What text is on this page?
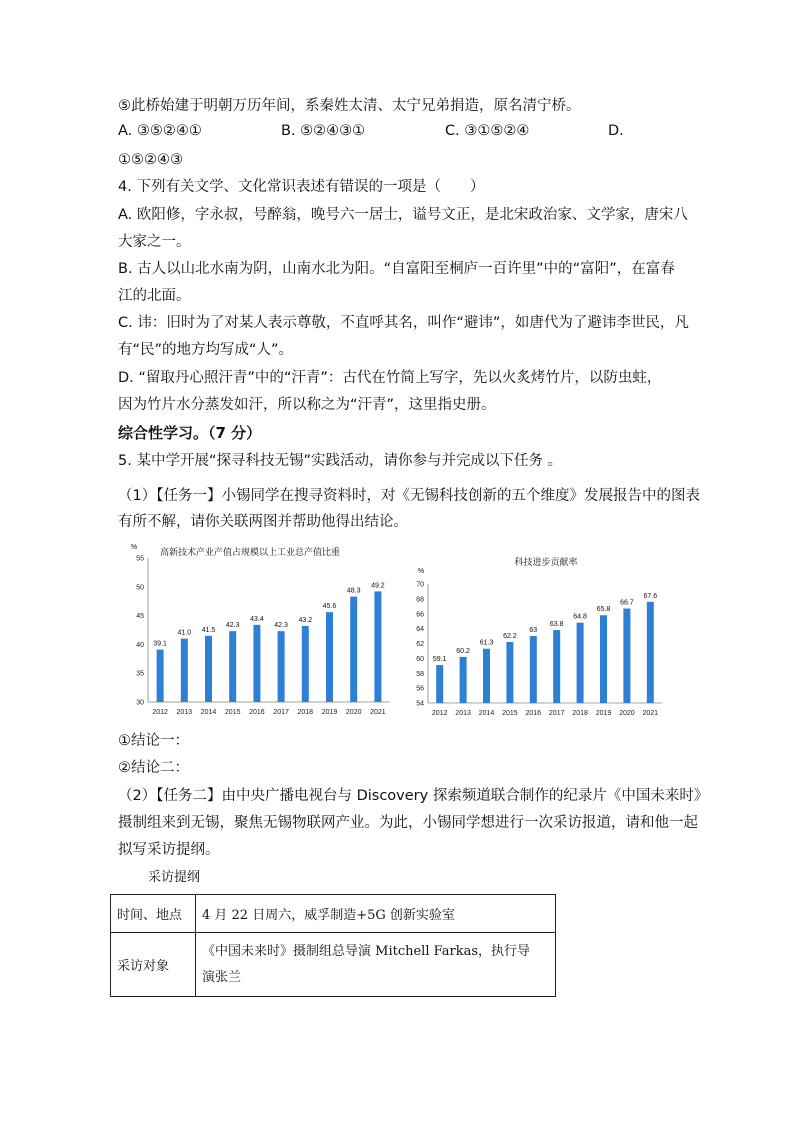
⑤此桥始建于明朝万历年间，系秦姓太清、太宁兄弟捐造，原名清宁桥。
A. ③⑤②④①	B. ⑤②④③①	C. ③①⑤②④	D.
①⑤②④③
4. 下列有关文学、文化常识表述有错误的一项是（　　）
A. 欧阳修，字永叔，号醉翁，晚号六一居士，谥号文正，是北宋政治家、文学家，唐宋八
大家之一。
B. 古人以山北水南为阴，山南水北为阳。“自富阳至桐庐一百许里”中的“富阳”，在富春
江的北面。
C. 讳：旧时为了对某人表示尊敬，不直呼其名，叫作“避讳”，如唐代为了避讳李世民，凡
有“民”的地方均写成“人”。
D. “留取丹心照汗青”中的“汗青”：古代在竹简上写字，先以火炙烤竹片，以防虫蛀，
因为竹片水分蒸发如汗，所以称之为“汗青”，这里指史册。
综合性学习。（7 分）
5. 某中学开展“探寻科技无锡”实践活动，请你参与并完成以下任务 。
（1）【任务一】小锡同学在搜寻资料时，对《无锡科技创新的五个维度》发展报告中的图表
有所不解，请你关联两图并帮助他得出结论。
高新技术产业产值占规模以上工业总产值比重
%
30
35
40
45
50
55
39.1
2012
41.0
2013
41.5
2014
42.3
2015
43.4
2016
42.3
2017
43.2
2018
45.6
2019
48.3
2020
49.2
2021
科技进步贡献率
%
54
56
58
60
62
64
66
68
70
59.1
2012
60.2
2013
61.3
2014
62.2
2015
63
2016
63.8
2017
64.8
2018
65.8
2019
66.7
2020
67.6
2021
①结论一：
②结论二：
（2）【任务二】由中央广播电视台与 Discovery 探索频道联合制作的纪录片《中国未来时》
摄制组来到无锡，聚焦无锡物联网产业。为此，小锡同学想进行一次采访报道，请和他一起
拟写采访提纲。
采访提纲
时间、地点	4 月 22 日周六，威孚制造+5G 创新实验室
采访对象	《中国未来时》摄制组总导演 Mitchell Farkas，执行导
演张兰
